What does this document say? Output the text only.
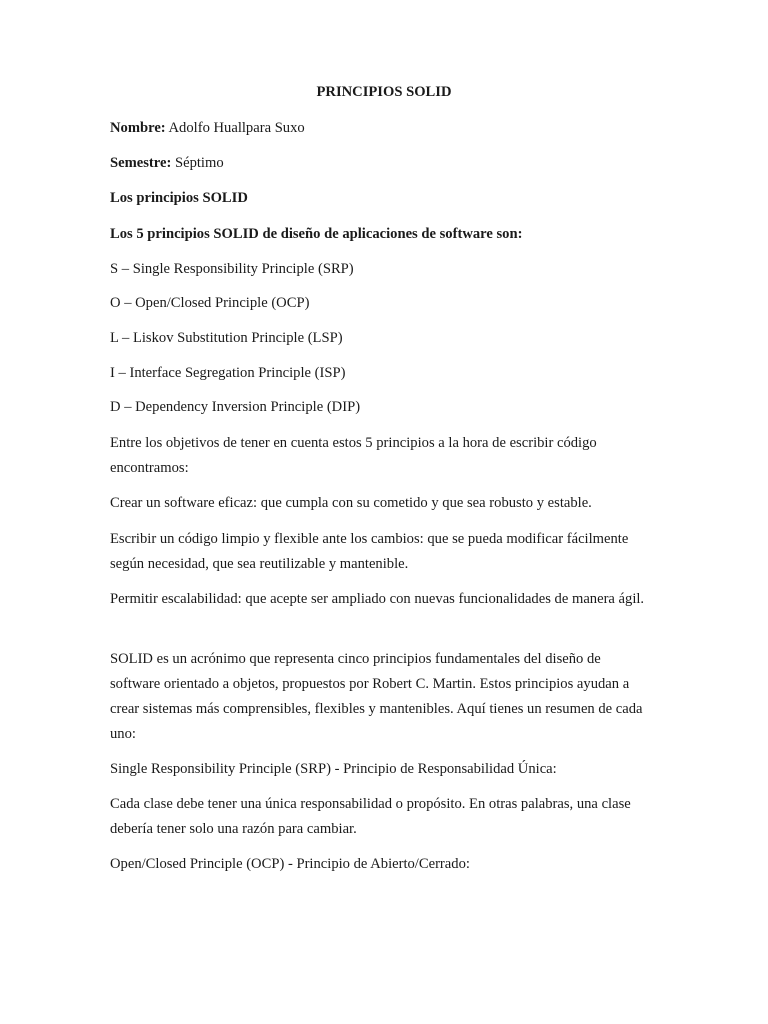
PRINCIPIOS SOLID

Nombre: Adolfo Huallpara Suxo

Semestre: Séptimo

Los principios SOLID

Los 5 principios SOLID de diseño de aplicaciones de software son:

S – Single Responsibility Principle (SRP)

O – Open/Closed Principle (OCP)

L – Liskov Substitution Principle (LSP)

I – Interface Segregation Principle (ISP)

D – Dependency Inversion Principle (DIP)

Entre los objetivos de tener en cuenta estos 5 principios a la hora de escribir código encontramos:

Crear un software eficaz: que cumpla con su cometido y que sea robusto y estable.

Escribir un código limpio y flexible ante los cambios: que se pueda modificar fácilmente según necesidad, que sea reutilizable y mantenible.

Permitir escalabilidad: que acepte ser ampliado con nuevas funcionalidades de manera ágil.

SOLID es un acrónimo que representa cinco principios fundamentales del diseño de software orientado a objetos, propuestos por Robert C. Martin. Estos principios ayudan a crear sistemas más comprensibles, flexibles y mantenibles. Aquí tienes un resumen de cada uno:

Single Responsibility Principle (SRP) - Principio de Responsabilidad Única:

Cada clase debe tener una única responsabilidad o propósito. En otras palabras, una clase debería tener solo una razón para cambiar.

Open/Closed Principle (OCP) - Principio de Abierto/Cerrado:
